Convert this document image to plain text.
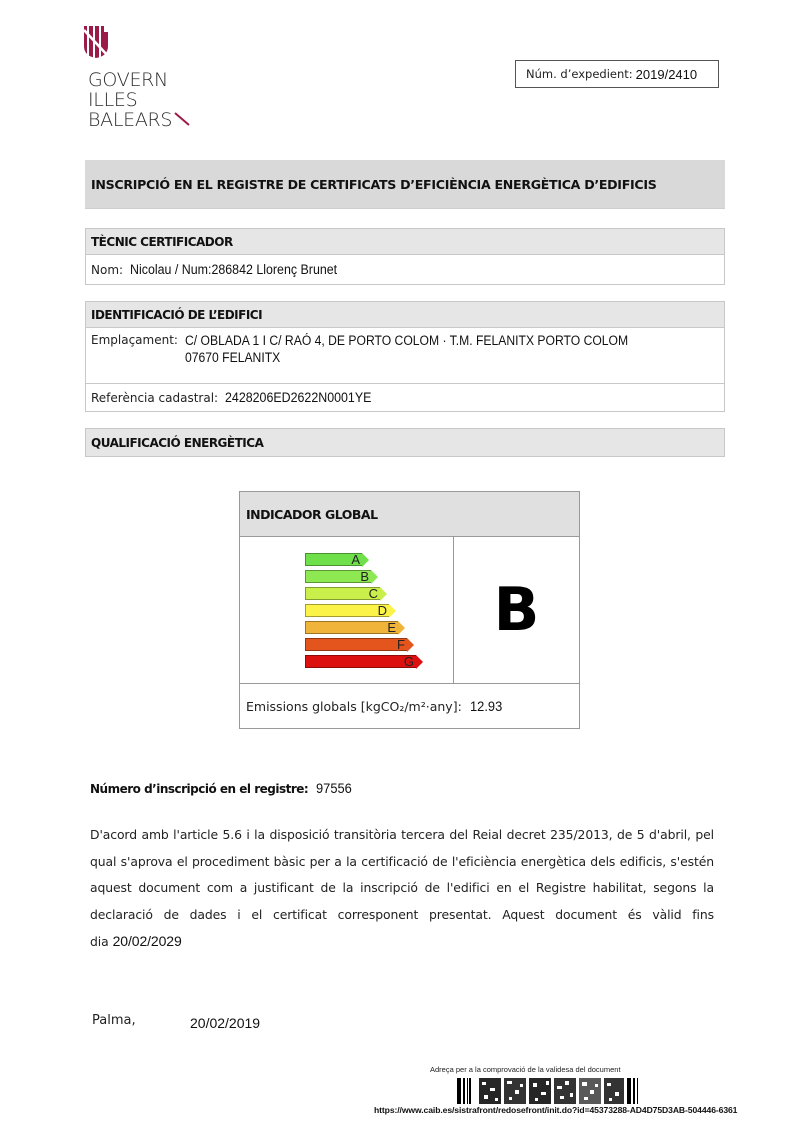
GOVERN
ILLES
BALEARS
Núm. d’expedient: 2019/2410
INSCRIPCIÓ EN EL REGISTRE DE CERTIFICATS D’EFICIÈNCIA ENERGÈTICA D’EDIFICIS
TÈCNIC CERTIFICADOR
Nom: Nicolau / Num:286842 Llorenç Brunet
IDENTIFICACIÓ DE L’EDIFICI
Emplaçament: C/ OBLADA 1 I C/ RAÓ 4, DE PORTO COLOM · T.M. FELANITX PORTO COLOM
07670 FELANITX
Referència cadastral: 2428206ED2622N0001YE
QUALIFICACIÓ ENERGÈTICA
INDICADOR GLOBAL
A
B
C
D
E
F
G
B
Emissions globals [kgCO₂/m²·any]: 12.93
Número d’inscripció en el registre: 97556
D'acord amb l'article 5.6 i la disposició transitòria tercera del Reial decret 235/2013, de 5 d'abril, pel qual s'aprova el procediment bàsic per a la certificació de l'eficiència energètica dels edificis, s'estén aquest document com a justificant de la inscripció de l'edifici en el Registre habilitat, segons la declaració de dades i el certificat corresponent presentat. Aquest document és vàlid fins dia 20/02/2029
Palma,	20/02/2019
Adreça per a la comprovació de la validesa del document
https://www.caib.es/sistrafront/redosefront/init.do?id=45373288-AD4D75D3AB-504446-6361
